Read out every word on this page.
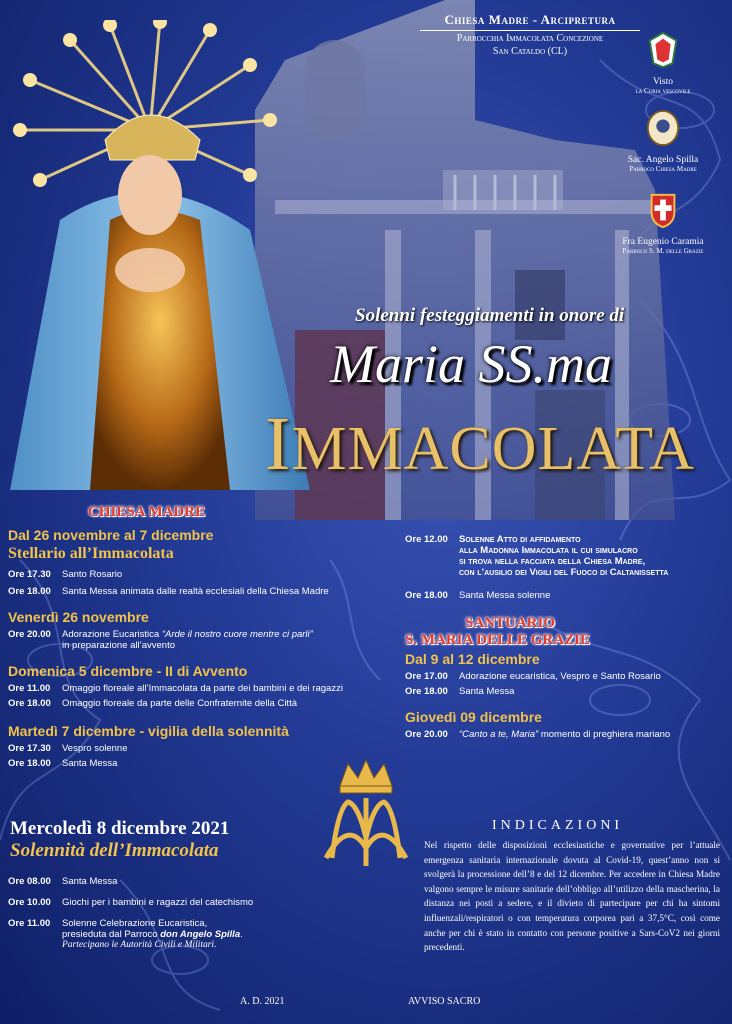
Chiesa Madre - Arcipretura
Parrocchia Immacolata Concezione
San Cataldo (CL)
Visto
la Curia vescovile
Sac. Angelo Spilla
Parroco Chiesa Madre
Fra Eugenio Caramia
Parroco S. M. delle Grazie
Solenni festeggiamenti in onore di
Maria SS.ma
IMMACOLATA
CHIESA MADRE
Dal 26 novembre al 7 dicembre
Stellario all’Immacolata
Ore 17.30 Santo Rosario
Ore 18.00 Santa Messa animata dalle realtà ecclesiali della Chiesa Madre
Venerdì 26 novembre
Ore 20.00 Adorazione Eucaristica “Arde il nostro cuore mentre ci parli”
in preparazione all’avvento
Domenica 5 dicembre - II di Avvento
Ore 11.00 Omaggio floreale all’Immacolata da parte dei bambini e dei ragazzi
Ore 18.00 Omaggio floreale da parte delle Confraternite della Città
Martedì 7 dicembre - vigilia della solennità
Ore 17.30 Vespro solenne
Ore 18.00 Santa Messa
Mercoledì 8 dicembre 2021
Solennità dell’Immacolata
Ore 08.00 Santa Messa
Ore 10.00 Giochi per i bambini e ragazzi del catechismo
Ore 11.00 Solenne Celebrazione Eucaristica,
presieduta dal Parroco don Angelo Spilla.
Partecipano le Autorità Civili e Militari.
Ore 12.00 Solenne Atto di affidamento
alla Madonna Immacolata il cui simulacro
si trova nella facciata della Chiesa Madre,
con l’ausilio dei Vigili del Fuoco di Caltanissetta
Ore 18.00 Santa Messa solenne
SANTUARIO
S. MARIA DELLE GRAZIE
Dal 9 al 12 dicembre
Ore 17.00 Adorazione eucaristica, Vespro e Santo Rosario
Ore 18.00 Santa Messa
Giovedì 09 dicembre
Ore 20.00 “Canto a te, Maria” momento di preghiera mariano
INDICAZIONI
Nel rispetto delle disposizioni ecclesiastiche e governative per l’attuale emergenza sanitaria internazionale dovuta al Covid-19, quest’anno non si svolgerà la processione dell’8 e del 12 dicembre. Per accedere in Chiesa Madre valgono sempre le misure sanitarie dell’obbligo all’utilizzo della mascherina, la distanza nei posti a sedere, e il divieto di partecipare per chi ha sintomi influenzali/respiratori o con temperatura corporea pari a 37,5°C, così come anche per chi è stato in contatto con persone positive a Sars-CoV2 nei giorni precedenti.
A. D. 2021	AVVISO SACRO
